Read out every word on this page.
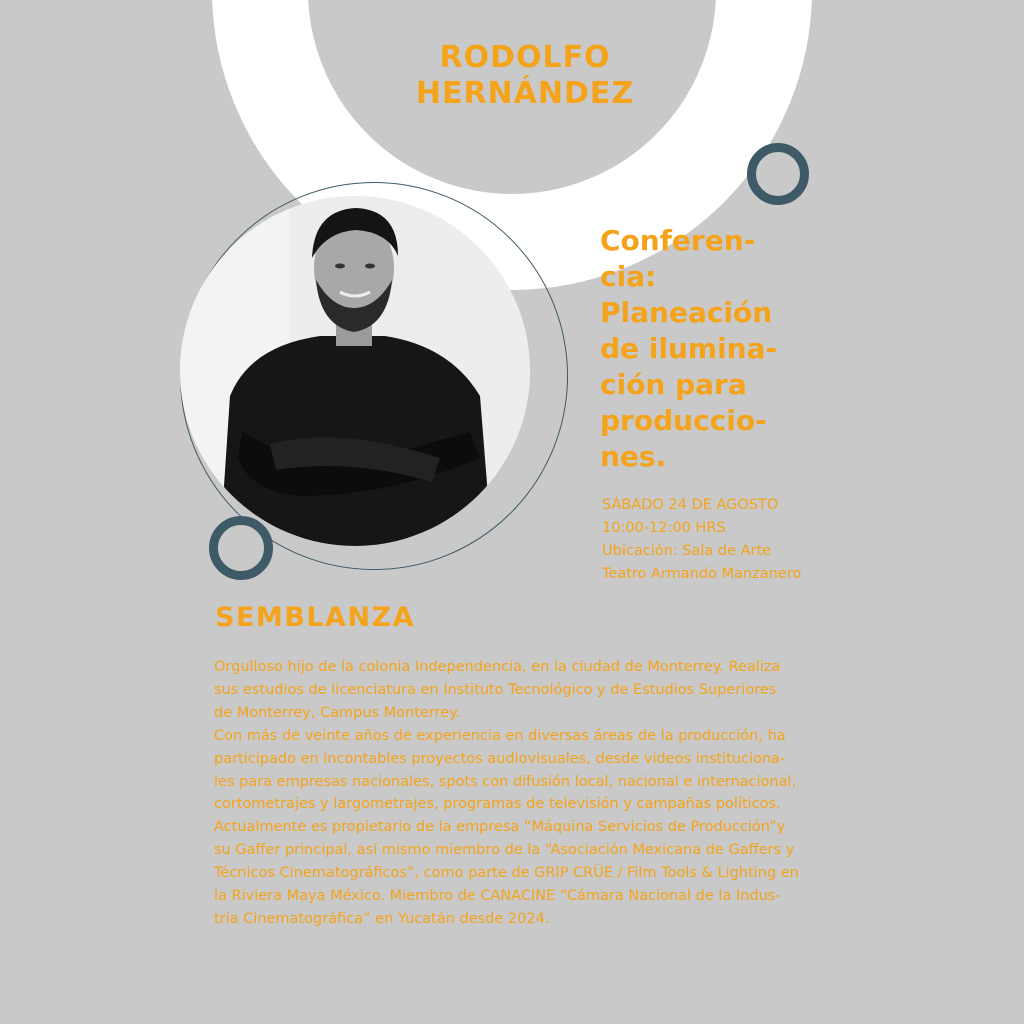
RODOLFO
HERNÁNDEZ
Conferen-
cia:
Planeación
de ilumina-
ción para
produccio-
nes.
SÁBADO 24 DE AGOSTO
10:00-12:00 HRS
Ubicación: Sala de Arte
Teatro Armando Manzanero
SEMBLANZA
Orgulloso hijo de la colonia Independencia, en la ciudad de Monterrey. Realiza
sus estudios de licenciatura en Instituto Tecnológico y de Estudios Superiores
de Monterrey, Campus Monterrey.
Con más de veinte años de experiencia en diversas áreas de la producción, ha
participado en incontables proyectos audiovisuales, desde videos instituciona-
les para empresas nacionales, spots con difusión local, nacional e internacional,
cortometrajes y largometrajes, programas de televisión y campañas políticos.
Actualmente es propietario de la empresa “Máquina Servicios de Producción”y
su Gaffer principal, así mismo miembro de la “Asociación Mexicana de Gaffers y
Técnicos Cinematográficos”, como parte de GRIP CRÜE / Film Tools & Lighting en
la Riviera Maya México. Miembro de CANACINE “Cámara Nacional de la Indus-
tria Cinematográfica” en Yucatán desde 2024.
